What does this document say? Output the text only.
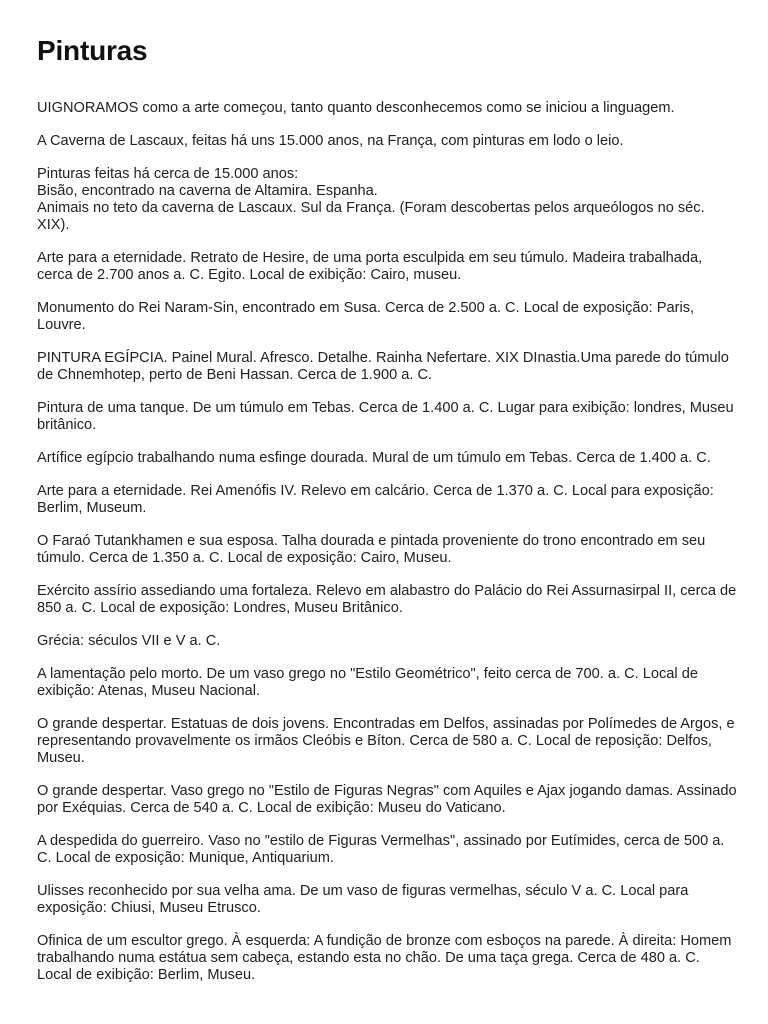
Pinturas

UIGNORAMOS como a arte começou, tanto quanto desconhecemos como se iniciou a linguagem.

A Caverna de Lascaux, feitas há uns 15.000 anos, na França, com pinturas em lodo o leio.

Pinturas feitas há cerca de 15.000 anos:
Bisão, encontrado na caverna de Altamira. Espanha.
Animais no teto da caverna de Lascaux. Sul da França. (Foram descobertas pelos arqueólogos no séc. XIX).

Arte para a eternidade. Retrato de Hesire, de uma porta esculpida em seu túmulo. Madeira trabalhada, cerca de 2.700 anos a. C. Egito. Local de exibição: Cairo, museu.

Monumento do Rei Naram-Sin, encontrado em Susa. Cerca de 2.500 a. C. Local de exposição: Paris, Louvre.

PINTURA EGÍPCIA. Painel Mural. Afresco. Detalhe. Rainha Nefertare. XIX DInastia.Uma parede do túmulo de Chnemhotep, perto de Beni Hassan. Cerca de 1.900 a. C.

Pintura de uma tanque. De um túmulo em Tebas. Cerca de 1.400 a. C. Lugar para exibição: londres, Museu britânico.

Artífice egípcio trabalhando numa esfinge dourada. Mural de um túmulo em Tebas. Cerca de 1.400 a. C.

Arte para a eternidade. Rei Amenófis IV. Relevo em calcário. Cerca de 1.370 a. C. Local para exposição: Berlim, Museum.

O Faraó Tutankhamen e sua esposa. Talha dourada e pintada proveniente do trono encontrado em seu túmulo. Cerca de 1.350 a. C. Local de exposição: Cairo, Museu.

Exército assírio assediando uma fortaleza. Relevo em alabastro do Palácio do Rei Assurnasirpal II, cerca de 850 a. C. Local de exposição: Londres, Museu Britânico.

Grécia: séculos VII e V a. C.

A lamentação pelo morto. De um vaso grego no "Estilo Geométrico", feito cerca de 700. a. C. Local de exibição: Atenas, Museu Nacional.

O grande despertar. Estatuas de dois jovens. Encontradas em Delfos, assinadas por Polímedes de Argos, e representando provavelmente os irmãos Cleóbis e Bíton. Cerca de 580 a. C. Local de reposição: Delfos, Museu.

O grande despertar. Vaso grego no "Estilo de Figuras Negras" com Aquiles e Ajax jogando damas. Assinado por Exéquias. Cerca de 540 a. C. Local de exibição: Museu do Vaticano.

A despedida do guerreiro. Vaso no "estilo de Figuras Vermelhas", assinado por Eutímides, cerca de 500 a. C. Local de exposição: Munique, Antiquarium.

Ulisses reconhecido por sua velha ama. De um vaso de figuras vermelhas, século V a. C. Local para exposição: Chiusi, Museu Etrusco.

Ofinica de um escultor grego. À esquerda: A fundição de bronze com esboços na parede. À direita: Homem trabalhando numa estátua sem cabeça, estando esta no chão. De uma taça grega. Cerca de 480 a. C. Local de exibição: Berlim, Museu.
